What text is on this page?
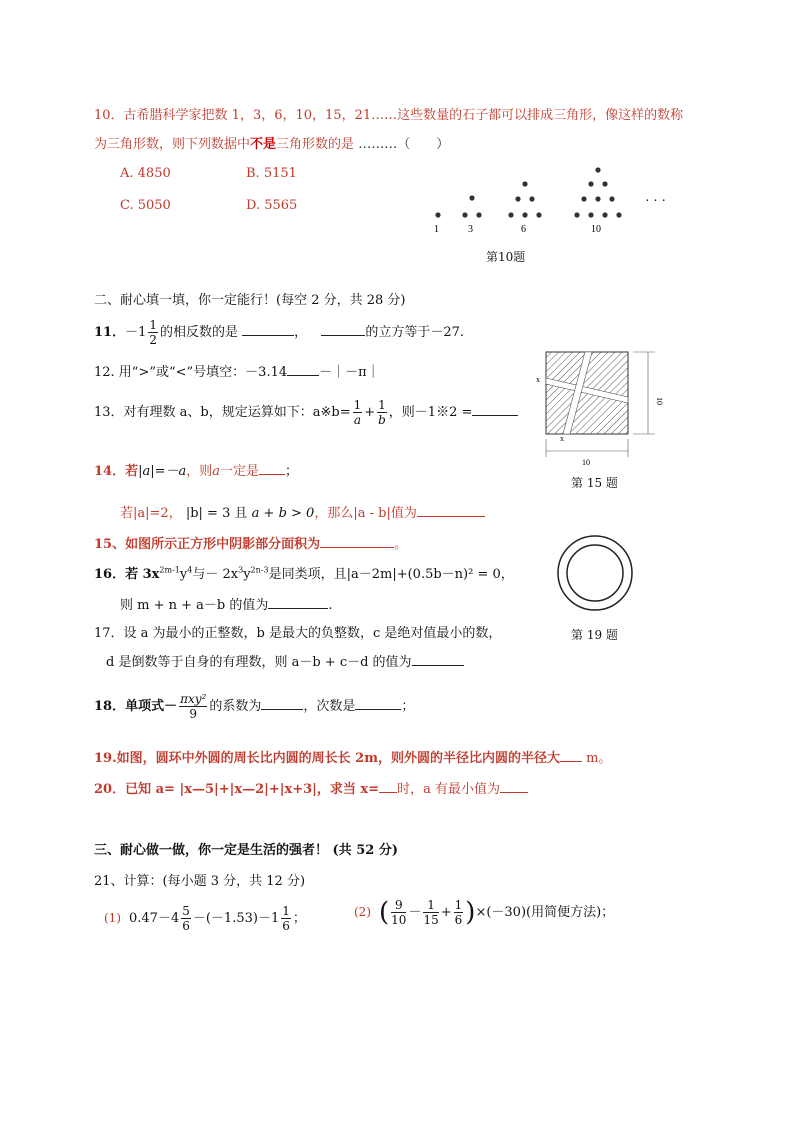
10．古希腊科学家把数 1，3，6，10，15，21……这些数量的石子都可以排成三角形，像这样的数称
为三角形数，则下列数据中不是三角形数的是 ………（　　）
A. 4850	B. 5151
C. 5050	D. 5565
1	3	6	10
· · ·
第10题
二、耐心填一填，你一定能行！(每空 2 分，共 28 分)
11．$-1 \frac{1}{2}$ 的相反数的是	，	的立方等于－27.
12. 用“>”或“<”号填空：－3.14 －｜－π｜
13．对有理数 a、b，规定运算如下：a※b= $\frac{1}{a} + \frac{1}{b}$ ，则－1※2 =
14．若|a|=－a，则a一定是 ；
若|a|=2， |b| = 3 且 a + b > 0，那么|a - b|值为
15、如图所示正方形中阴影部分面积为	。
x
x
10
10
第 15 题
16．若 $3x^{2m-1}y^4$与－ $2x^3y^{2n-3}$是同类项，且|a－2m|+(0.5b－n)² = 0，
则 m + n + a－b 的值为	.
第 19 题
17．设 a 为最小的正整数，b 是最大的负整数，c 是绝对值最小的数，
d 是倒数等于自身的有理数，则 a－b + c－d 的值为
18．单项式－ $\frac{\text{πxy²}}{9}$ 的系数为	，次数是	；
19.如图，圆环中外圆的周长比内圆的周长长 2m，则外圆的半径比内圆的半径大 m。
20．已知 a= |x—5|+|x—2|+|x+3|，求当 x= 时，a 有最小值为
三、耐心做一做，你一定是生活的强者！ (共 52 分)
21、计算：(每小题 3 分，共 12 分)
(1) $0.47-4 \frac{5}{6} -(-1.53)-1 \frac{1}{6}$ ；	(2) ( $\frac{9}{10} - \frac{1}{15} + \frac{1}{6} )\times(-30)$(用简便方法)；
